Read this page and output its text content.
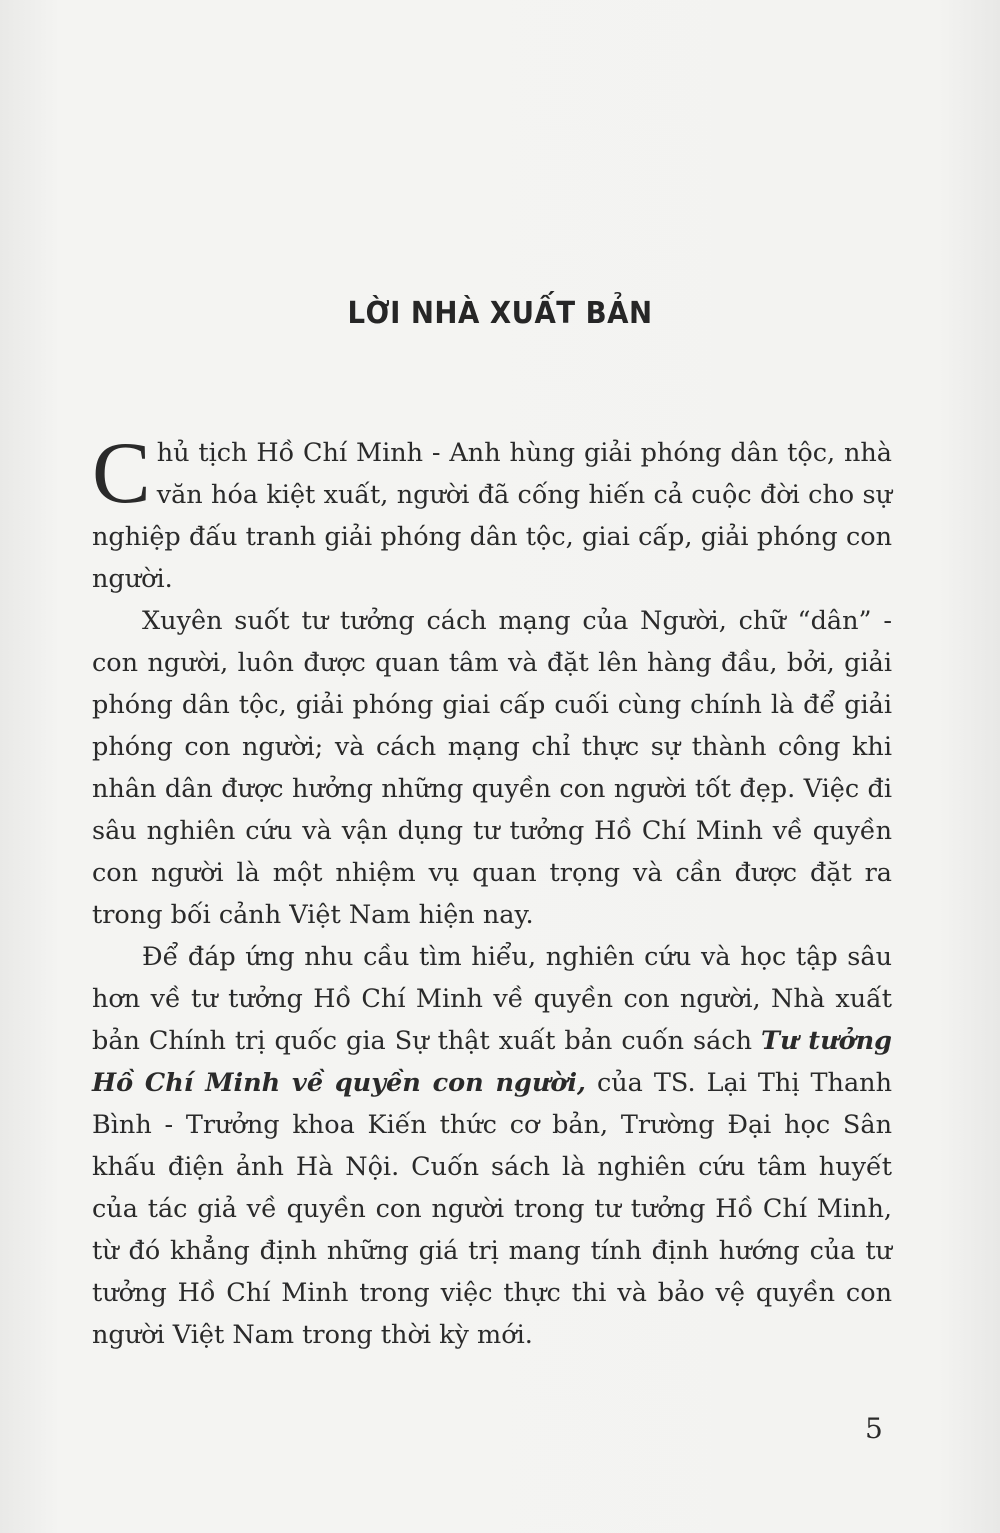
LỜI NHÀ XUẤT BẢN

Chủ tịch Hồ Chí Minh - Anh hùng giải phóng dân tộc, nhà văn hóa kiệt xuất, người đã cống hiến cả cuộc đời cho sự nghiệp đấu tranh giải phóng dân tộc, giai cấp, giải phóng con người.

Xuyên suốt tư tưởng cách mạng của Người, chữ “dân” - con người, luôn được quan tâm và đặt lên hàng đầu, bởi, giải phóng dân tộc, giải phóng giai cấp cuối cùng chính là để giải phóng con người; và cách mạng chỉ thực sự thành công khi nhân dân được hưởng những quyền con người tốt đẹp. Việc đi sâu nghiên cứu và vận dụng tư tưởng Hồ Chí Minh về quyền con người là một nhiệm vụ quan trọng và cần được đặt ra trong bối cảnh Việt Nam hiện nay.

Để đáp ứng nhu cầu tìm hiểu, nghiên cứu và học tập sâu hơn về tư tưởng Hồ Chí Minh về quyền con người, Nhà xuất bản Chính trị quốc gia Sự thật xuất bản cuốn sách Tư tưởng Hồ Chí Minh về quyền con người, của TS. Lại Thị Thanh Bình - Trưởng khoa Kiến thức cơ bản, Trường Đại học Sân khấu điện ảnh Hà Nội. Cuốn sách là nghiên cứu tâm huyết của tác giả về quyền con người trong tư tưởng Hồ Chí Minh, từ đó khẳng định những giá trị mang tính định hướng của tư tưởng Hồ Chí Minh trong việc thực thi và bảo vệ quyền con người Việt Nam trong thời kỳ mới.

5
